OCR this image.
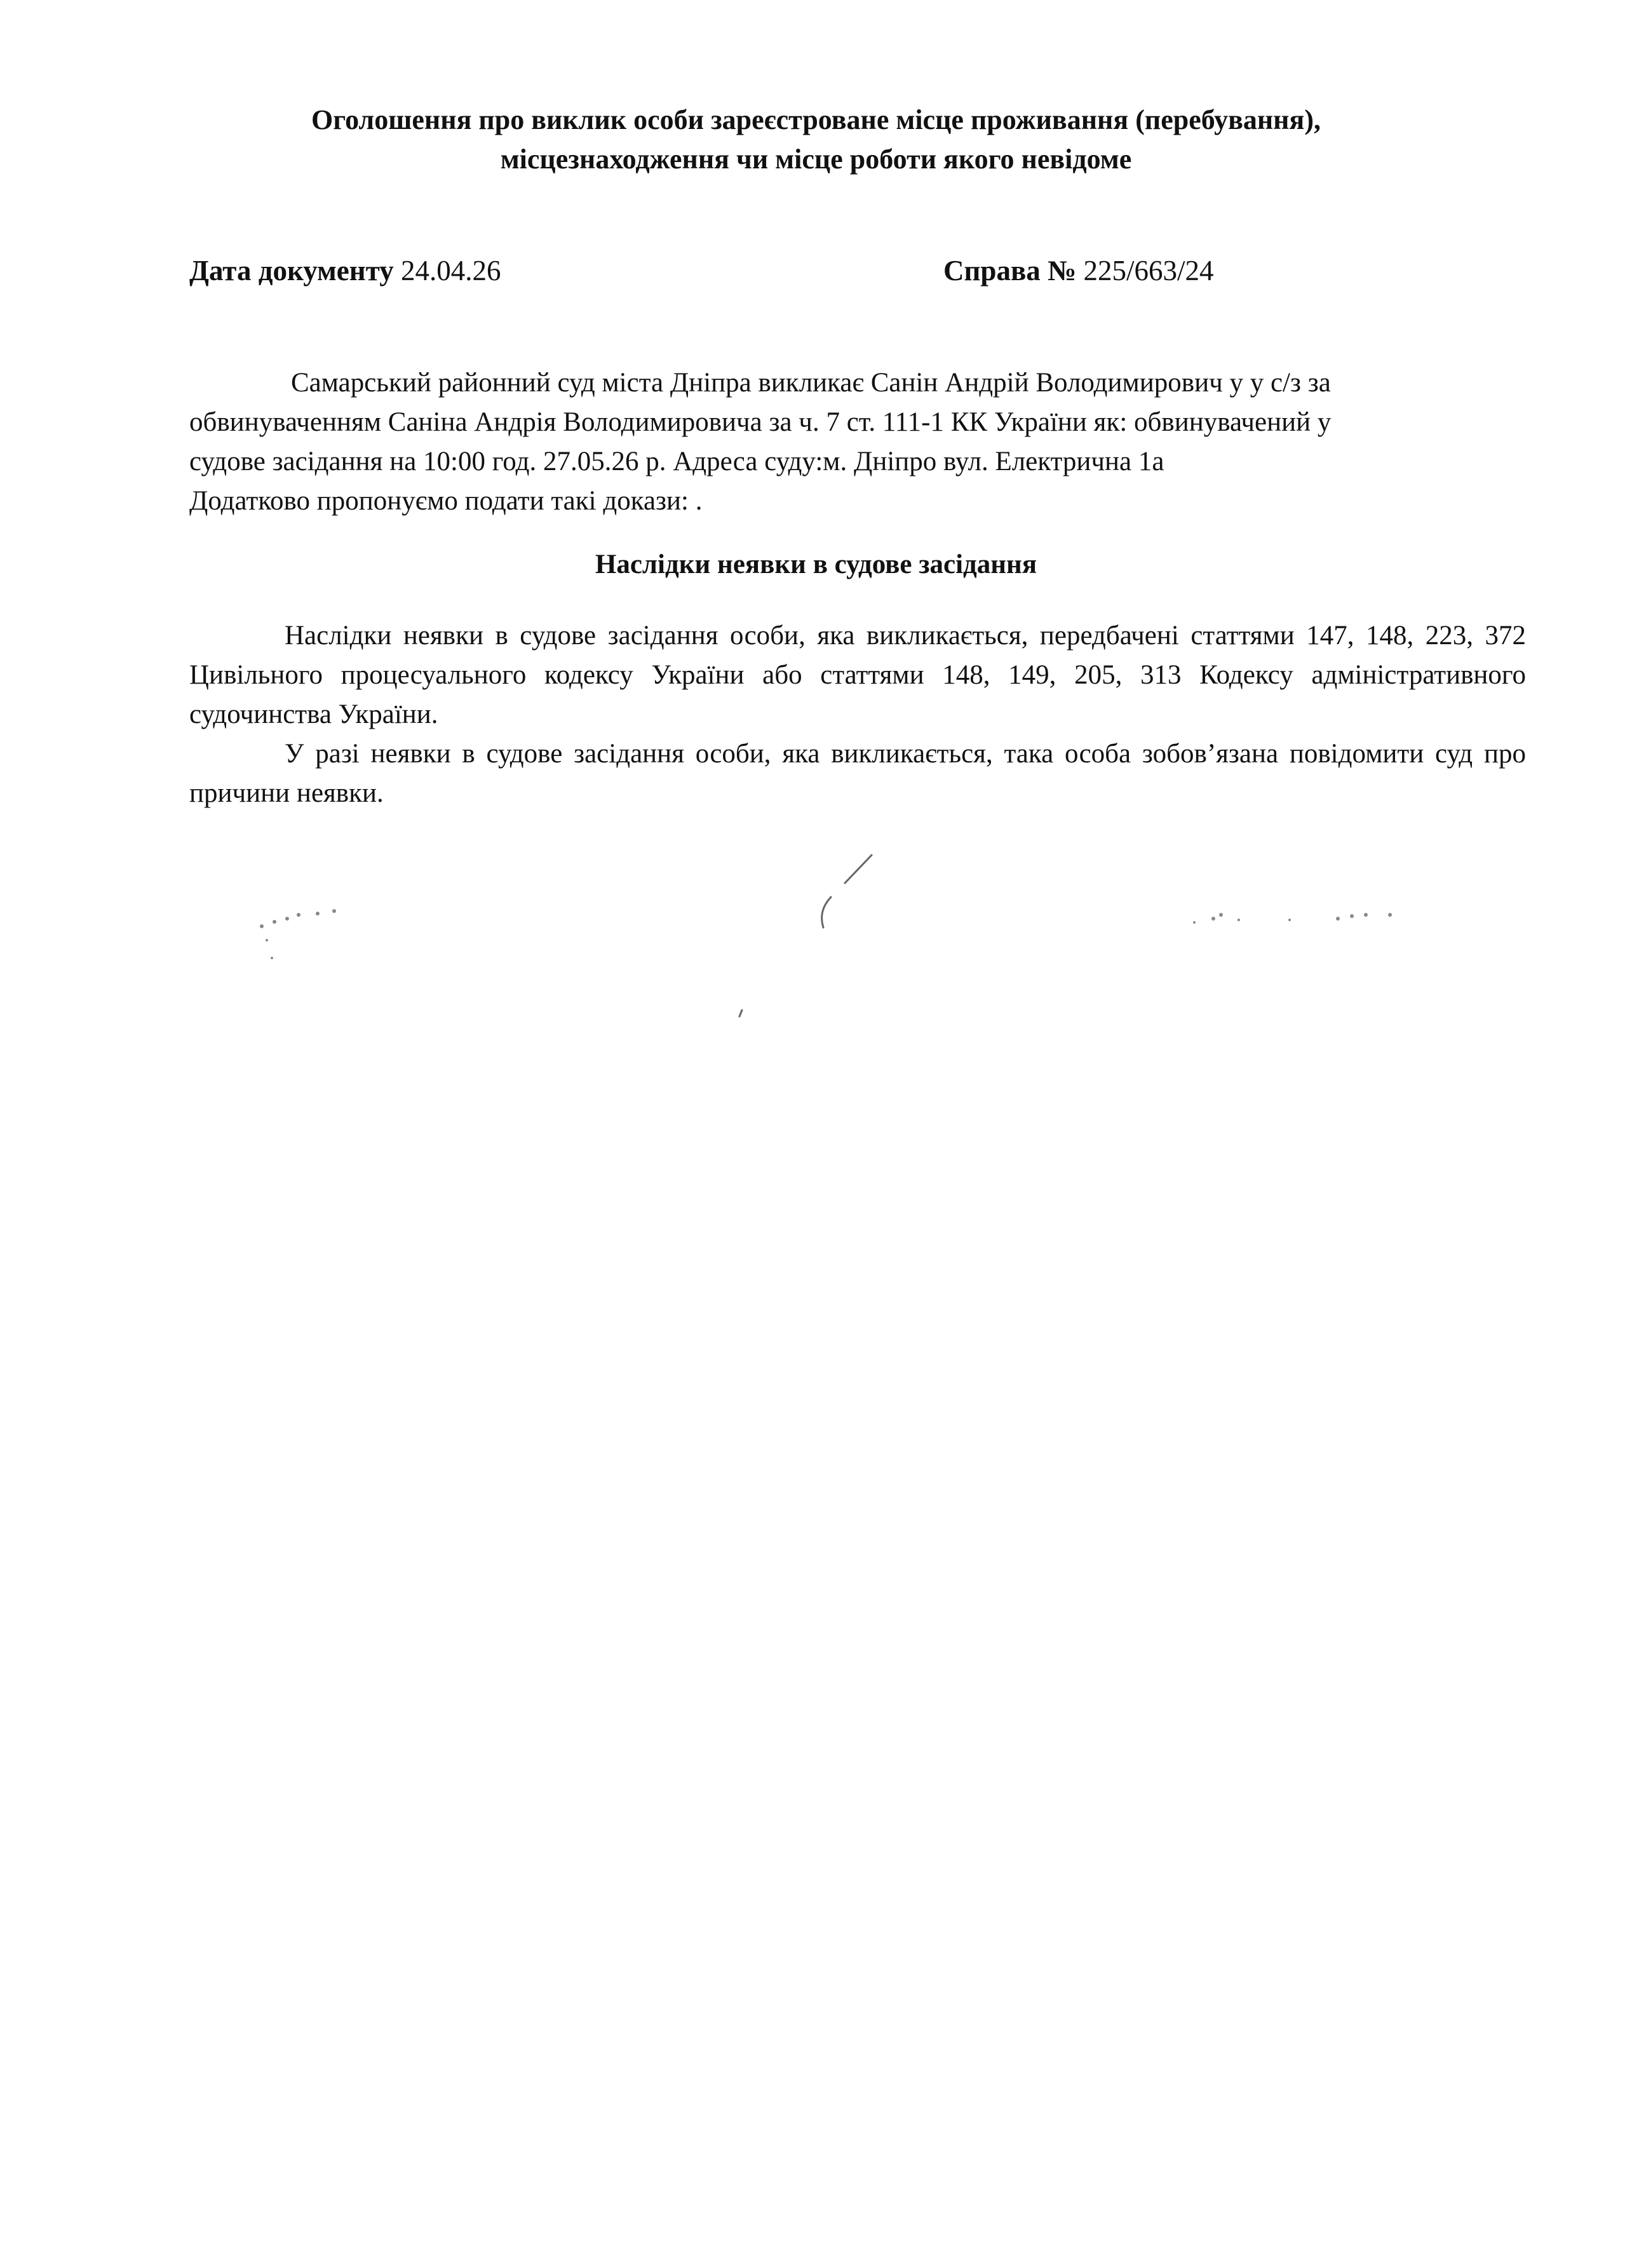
Оголошення про виклик особи зареєстроване місце проживання (перебування),
місцезнаходження чи місце роботи якого невідоме
Дата документу 24.04.26	Справа № 225/663/24
Самарський районний суд міста Дніпра викликає Санін Андрій Володимирович у у с/з за
обвинуваченням Саніна Андрія Володимировича за ч. 7 ст. 111-1 КК України як: обвинувачений у
судове засідання на 10:00 год. 27.05.26 р. Адреса суду:м. Дніпро вул. Електрична 1а
Додатково пропонуємо подати такі докази: .
Наслідки неявки в судове засідання
Наслідки неявки в судове засідання особи, яка викликається, передбачені статтями 147, 148, 223, 372 Цивільного процесуального кодексу України або статтями 148, 149, 205, 313 Кодексу адміністративного судочинства України.
У разі неявки в судове засідання особи, яка викликається, така особа зобов’язана повідомити суд про причини неявки.
